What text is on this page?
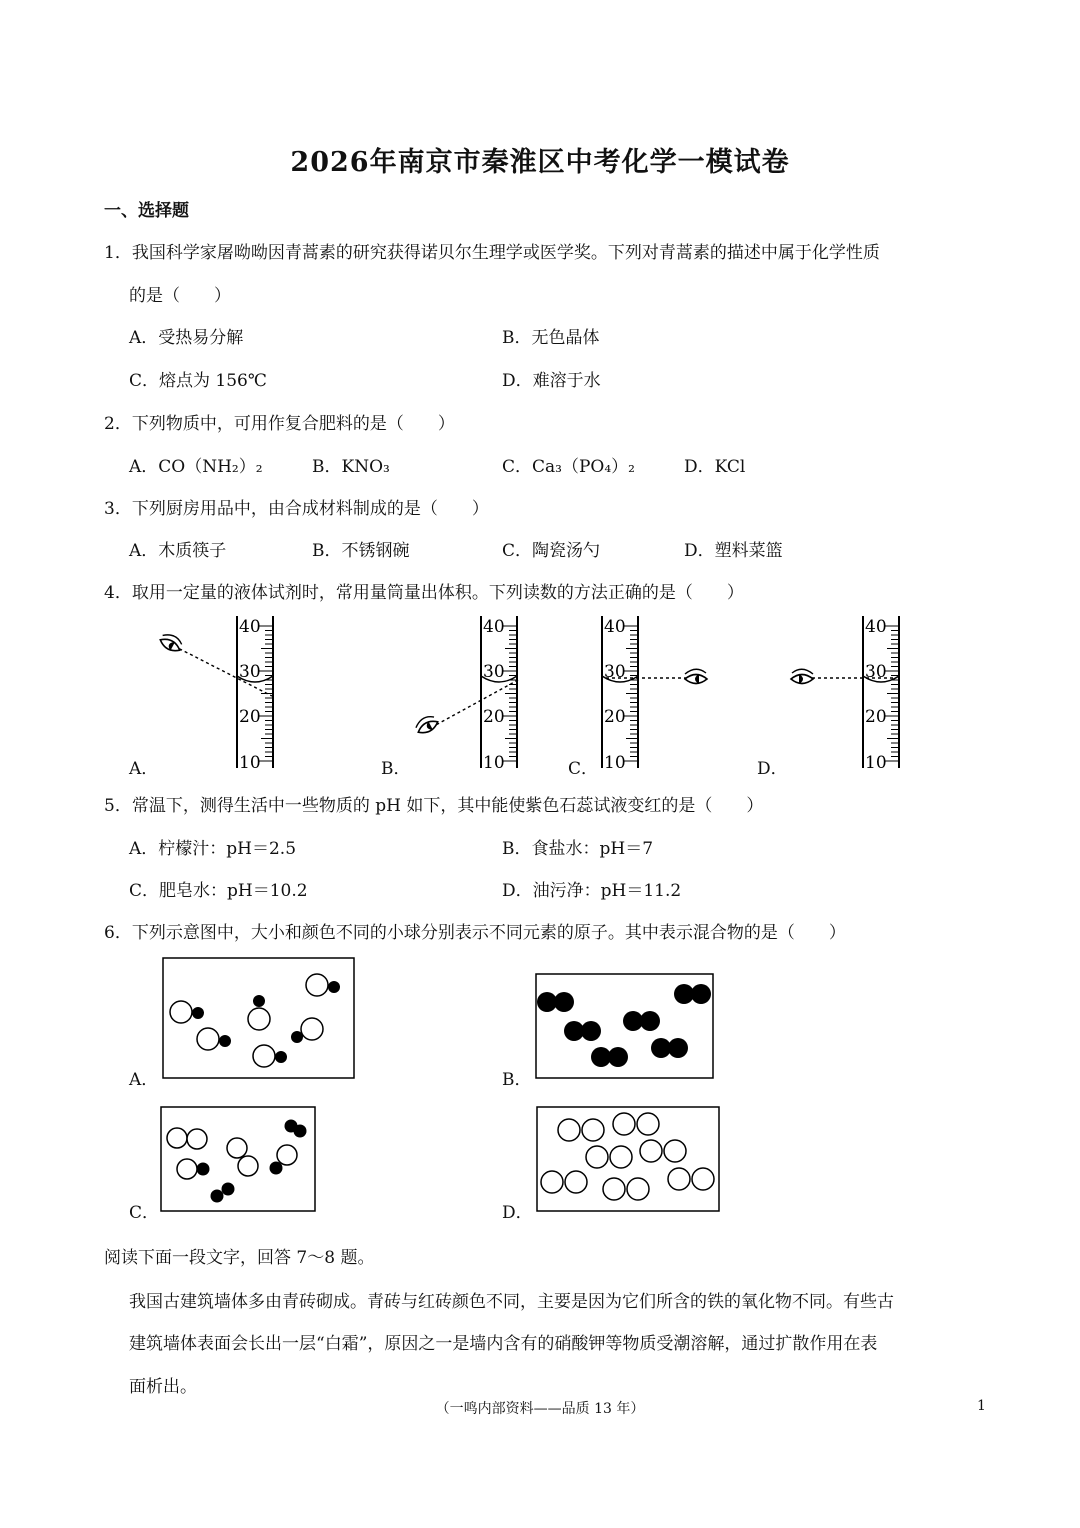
2026年南京市秦淮区中考化学一模试卷
一、选择题
1．我国科学家屠呦呦因青蒿素的研究获得诺贝尔生理学或医学奖。下列对青蒿素的描述中属于化学性质
的是（　　）
A．受热易分解	B．无色晶体
C．熔点为 156℃	D．难溶于水
2．下列物质中，可用作复合肥料的是（　　）
A．CO（NH₂）₂	B．KNO₃	C．Ca₃（PO₄）₂	D．KCl
3．下列厨房用品中，由合成材料制成的是（　　）
A．木质筷子	B．不锈钢碗	C．陶瓷汤勺	D．塑料菜篮
4．取用一定量的液体试剂时，常用量筒量出体积。下列读数的方法正确的是（　　）
40
30
20
10
40
30
20
10
40
30
20
10
40
30
20
10
A．	B．	C．	D．
5．常温下，测得生活中一些物质的 pH 如下，其中能使紫色石蕊试液变红的是（　　）
A．柠檬汁：pH＝2.5	B．食盐水：pH＝7
C．肥皂水：pH＝10.2	D．油污净：pH＝11.2
6．下列示意图中，大小和颜色不同的小球分别表示不同元素的原子。其中表示混合物的是（　　）
A．	B．
C．	D．
阅读下面一段文字，回答 7～8 题。
我国古建筑墙体多由青砖砌成。青砖与红砖颜色不同，主要是因为它们所含的铁的氧化物不同。有些古
建筑墙体表面会长出一层“白霜”，原因之一是墙内含有的硝酸钾等物质受潮溶解，通过扩散作用在表
面析出。
（一鸣内部资料——品质 13 年）	1
